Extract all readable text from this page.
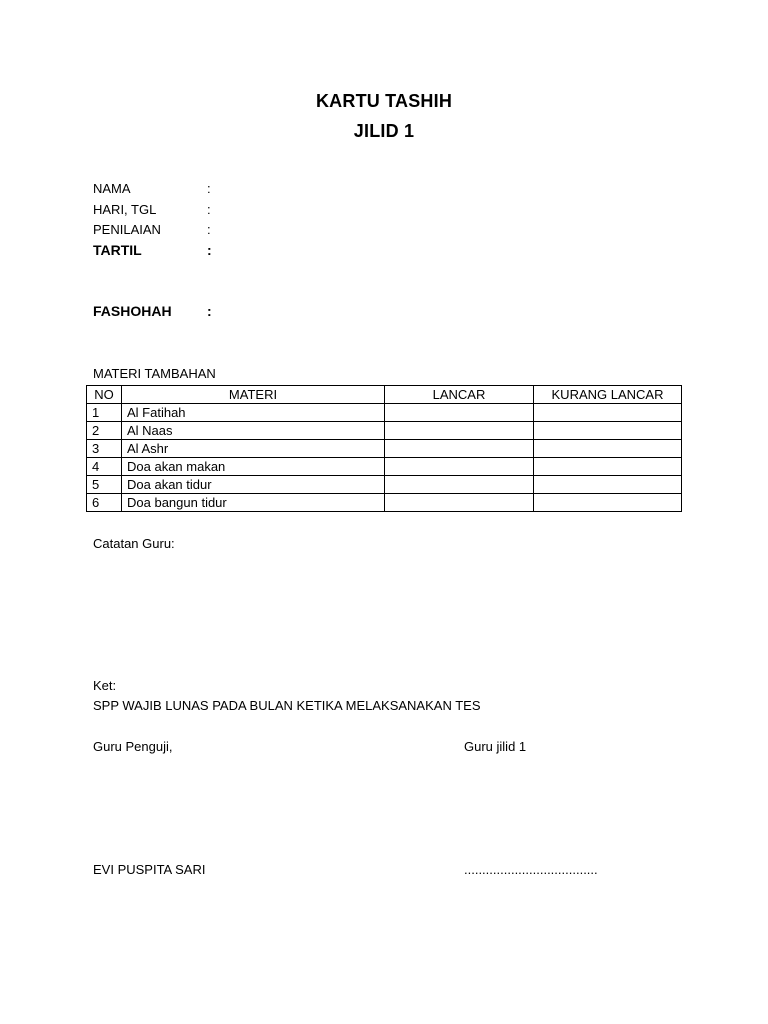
KARTU TASHIH
JILID 1
NAMA	:
HARI, TGL	:
PENILAIAN	:
TARTIL	:
FASHOHAH	:
MATERI TAMBAHAN
NO	MATERI	LANCAR	KURANG LANCAR
1	Al Fatihah		
2	Al Naas		
3	Al Ashr		
4	Doa akan makan		
5	Doa akan tidur		
6	Doa bangun tidur		
Catatan Guru:
Ket:
SPP WAJIB LUNAS PADA BULAN KETIKA MELAKSANAKAN TES
Guru Penguji,	Guru jilid 1
EVI PUSPITA SARI	.....................................
